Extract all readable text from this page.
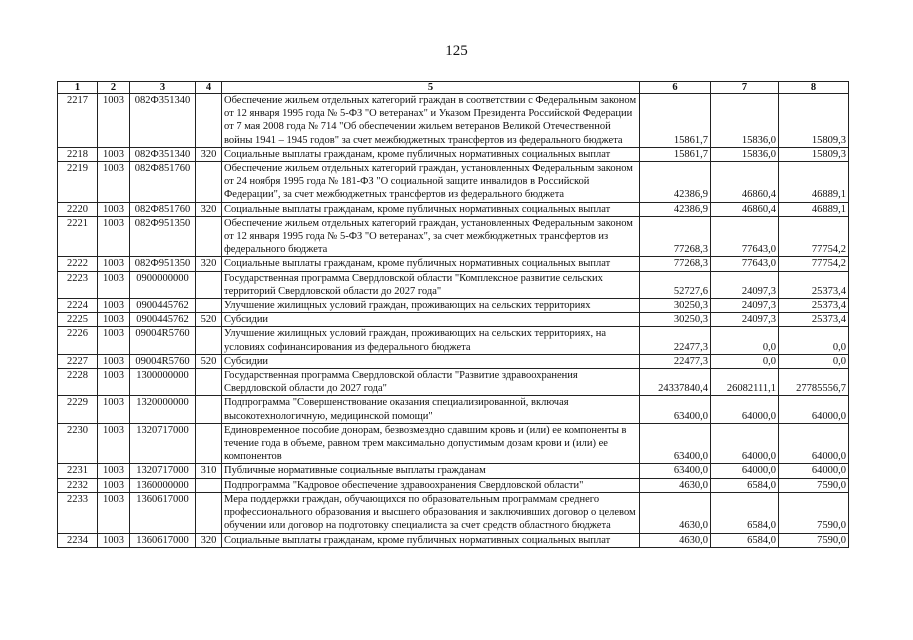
125
1	2	3	4	5	6	7	8
2217	1003	082Ф351340		Обеспечение жильем отдельных категорий граждан в соответствии с Федеральным законом от 12 января 1995 года № 5-ФЗ "О ветеранах" и Указом Президента Российской Федерации от 7 мая 2008 года № 714 "Об обеспечении жильем ветеранов Великой Отечественной войны 1941 – 1945 годов" за счет межбюджетных трансфертов из федерального бюджета	15861,7	15836,0	15809,3
2218	1003	082Ф351340	320	Социальные выплаты гражданам, кроме публичных нормативных социальных выплат	15861,7	15836,0	15809,3
2219	1003	082Ф851760		Обеспечение жильем отдельных категорий граждан, установленных Федеральным законом от 24 ноября 1995 года № 181-ФЗ "О социальной защите инвалидов в Российской Федерации", за счет межбюджетных трансфертов из федерального бюджета	42386,9	46860,4	46889,1
2220	1003	082Ф851760	320	Социальные выплаты гражданам, кроме публичных нормативных социальных выплат	42386,9	46860,4	46889,1
2221	1003	082Ф951350		Обеспечение жильем отдельных категорий граждан, установленных Федеральным законом от 12 января 1995 года № 5-ФЗ "О ветеранах", за счет межбюджетных трансфертов из федерального бюджета	77268,3	77643,0	77754,2
2222	1003	082Ф951350	320	Социальные выплаты гражданам, кроме публичных нормативных социальных выплат	77268,3	77643,0	77754,2
2223	1003	0900000000		Государственная программа Свердловской области "Комплексное развитие сельских территорий Свердловской области до 2027 года"	52727,6	24097,3	25373,4
2224	1003	0900445762		Улучшение жилищных условий граждан, проживающих на сельских территориях	30250,3	24097,3	25373,4
2225	1003	0900445762	520	Субсидии	30250,3	24097,3	25373,4
2226	1003	09004R5760		Улучшение жилищных условий граждан, проживающих на сельских территориях, на условиях софинансирования из федерального бюджета	22477,3	0,0	0,0
2227	1003	09004R5760	520	Субсидии	22477,3	0,0	0,0
2228	1003	1300000000		Государственная программа Свердловской области "Развитие здравоохранения Свердловской области до 2027 года"	24337840,4	26082111,1	27785556,7
2229	1003	1320000000		Подпрограмма "Совершенствование оказания специализированной, включая высокотехнологичную, медицинской помощи"	63400,0	64000,0	64000,0
2230	1003	1320717000		Единовременное пособие донорам, безвозмездно сдавшим кровь и (или) ее компоненты в течение года в объеме, равном трем максимально допустимым дозам крови и (или) ее компонентов	63400,0	64000,0	64000,0
2231	1003	1320717000	310	Публичные нормативные социальные выплаты гражданам	63400,0	64000,0	64000,0
2232	1003	1360000000		Подпрограмма "Кадровое обеспечение здравоохранения Свердловской области"	4630,0	6584,0	7590,0
2233	1003	1360617000		Мера поддержки граждан, обучающихся по образовательным программам среднего профессионального образования и высшего образования и заключивших договор о целевом обучении или договор на подготовку специалиста за счет средств областного бюджета	4630,0	6584,0	7590,0
2234	1003	1360617000	320	Социальные выплаты гражданам, кроме публичных нормативных социальных выплат	4630,0	6584,0	7590,0
